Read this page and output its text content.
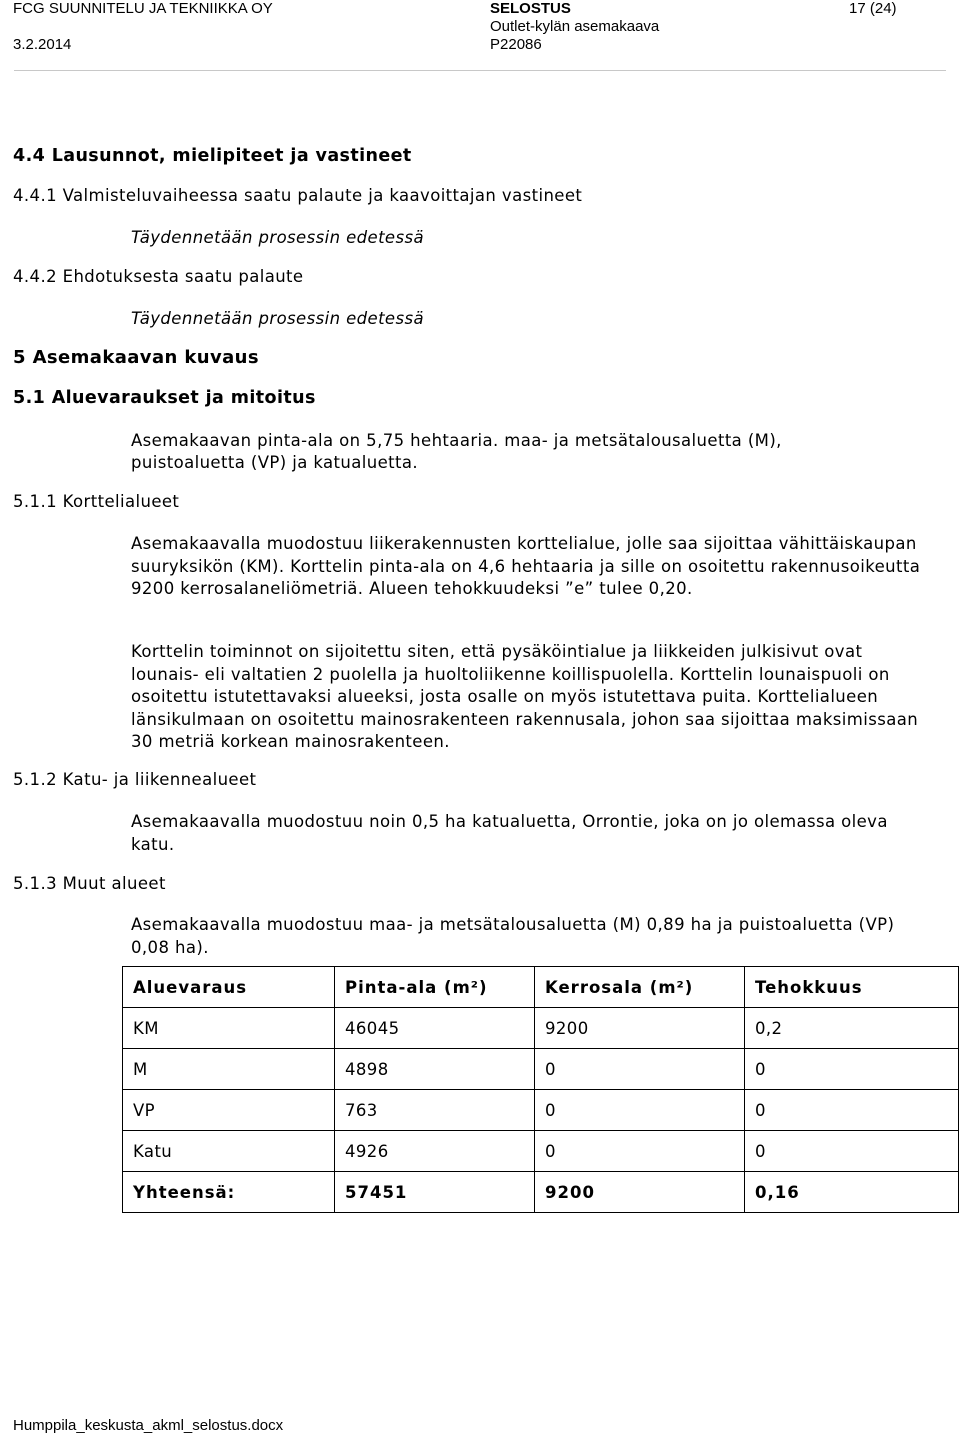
FCG SUUNNITELU JA TEKNIIKKA OY
3.2.2014
SELOSTUS
Outlet-kylän asemakaava
P22086
17 (24)
4.4 Lausunnot, mielipiteet ja vastineet
4.4.1 Valmisteluvaiheessa saatu palaute ja kaavoittajan vastineet
Täydennetään prosessin edetessä
4.4.2 Ehdotuksesta saatu palaute
Täydennetään prosessin edetessä
5 Asemakaavan kuvaus
5.1 Aluevaraukset ja mitoitus
Asemakaavan pinta-ala on 5,75 hehtaaria. maa- ja metsätalousaluetta (M),
puistoaluetta (VP) ja katualuetta.
5.1.1 Korttelialueet

Asemakaavalla muodostuu liikerakennusten korttelialue, jolle saa sijoittaa vähittäiskaupan suuryksikön (KM). Korttelin pinta-ala on 4,6 hehtaaria ja sille on osoitettu rakennusoikeutta 9200 kerrosalaneliömetriä. Alueen tehokkuudeksi ”e” tulee 0,20.

Korttelin toiminnot on sijoitettu siten, että pysäköintialue ja liikkeiden julkisivut ovat lounais- eli valtatien 2 puolella ja huoltoliikenne koillispuolella. Korttelin lounaispuoli on osoitettu istutettavaksi alueeksi, josta osalle on myös istutettava puita. Korttelialueen länsikulmaan on osoitettu mainosrakenteen rakennusala, johon saa sijoittaa maksimissaan 30 metriä korkean mainosrakenteen.

5.1.2 Katu- ja liikennealueet

Asemakaavalla muodostuu noin 0,5 ha katualuetta, Orrontie, joka on jo olemassa oleva katu.

5.1.3 Muut alueet

Asemakaavalla muodostuu maa- ja metsätalousaluetta (M) 0,89 ha ja puistoaluetta (VP) 0,08 ha).

Aluevaraus	Pinta-ala (m²)	Kerrosala (m²)	Tehokkuus
KM	46045	9200	0,2
M	4898	0	0
VP	763	0	0
Katu	4926	0	0
Yhteensä:	57451	9200	0,16
Humppila_keskusta_akml_selostus.docx
